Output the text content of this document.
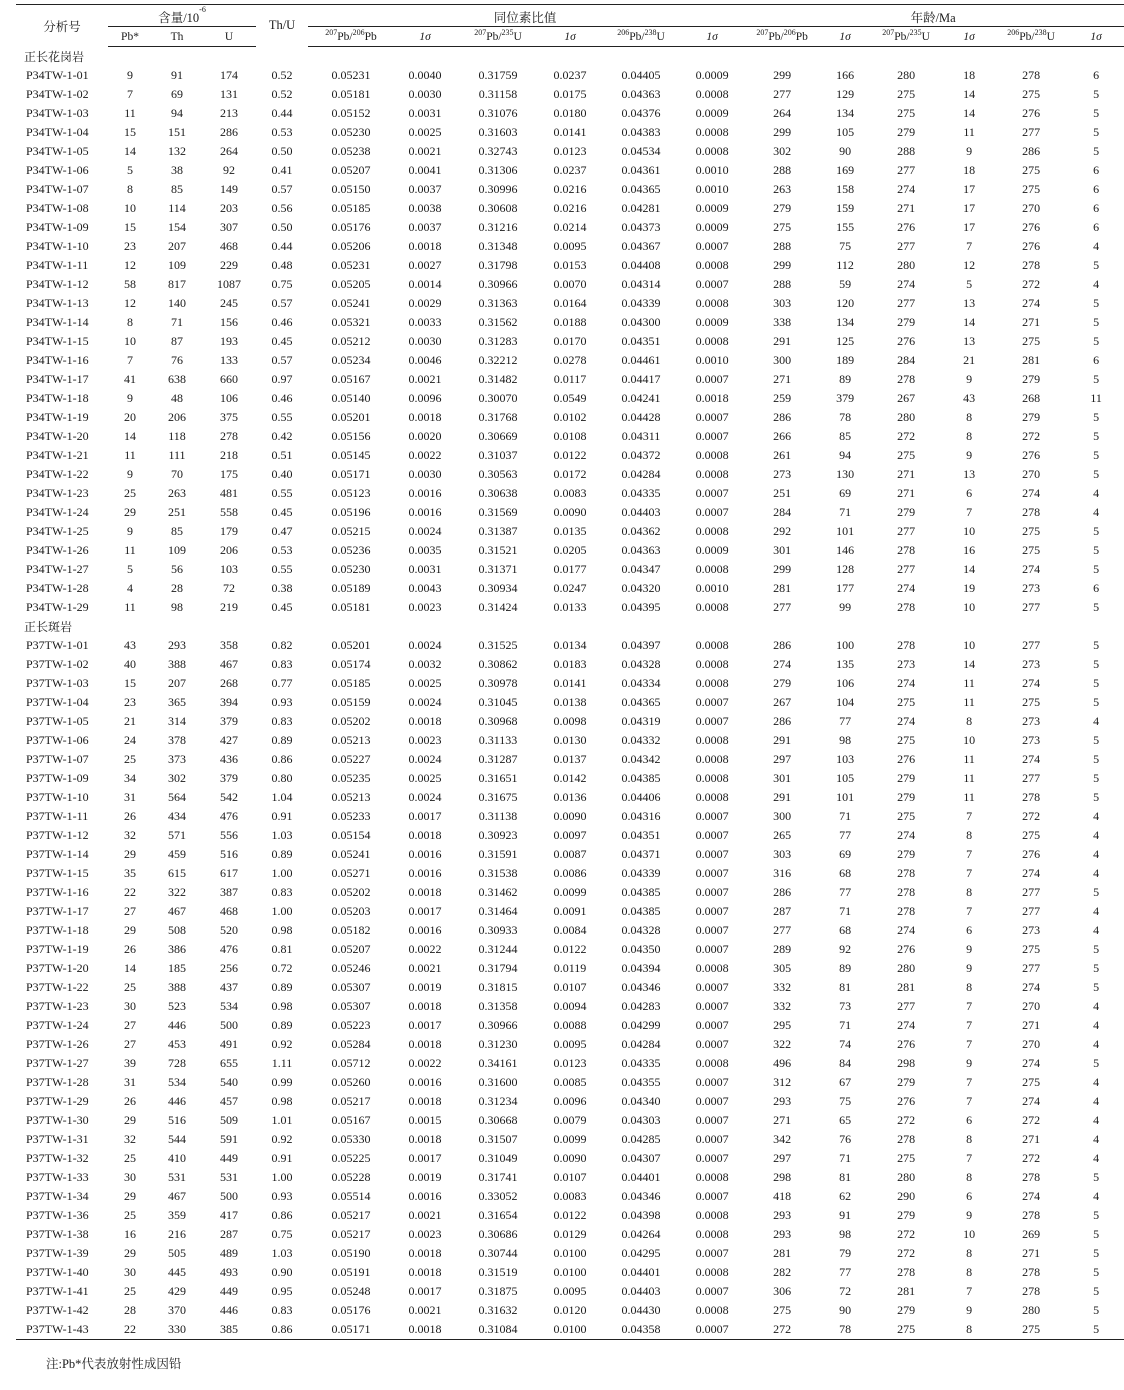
分析号	含量$/10^{-6}$			Th/U	同位素比值						年龄/Ma					
	Pb*	Th	U		$^{207}$Pb/$^{206}$Pb	1σ	$^{207}$Pb/$^{235}$U	1σ	$^{206}$Pb/$^{238}$U	1σ	$^{207}$Pb/$^{206}$Pb	1σ	$^{207}$Pb/$^{235}$U	1σ	$^{206}$Pb/$^{238}$U	1σ
正长花岗岩																
P34TW-1-01	9	91	174	0.52	0.05231	0.0040	0.31759	0.0237	0.04405	0.0009	299	166	280	18	278	6
P34TW-1-02	7	69	131	0.52	0.05181	0.0030	0.31158	0.0175	0.04363	0.0008	277	129	275	14	275	5
P34TW-1-03	11	94	213	0.44	0.05152	0.0031	0.31076	0.0180	0.04376	0.0009	264	134	275	14	276	5
P34TW-1-04	15	151	286	0.53	0.05230	0.0025	0.31603	0.0141	0.04383	0.0008	299	105	279	11	277	5
P34TW-1-05	14	132	264	0.50	0.05238	0.0021	0.32743	0.0123	0.04534	0.0008	302	90	288	9	286	5
P34TW-1-06	5	38	92	0.41	0.05207	0.0041	0.31306	0.0237	0.04361	0.0010	288	169	277	18	275	6
P34TW-1-07	8	85	149	0.57	0.05150	0.0037	0.30996	0.0216	0.04365	0.0010	263	158	274	17	275	6
P34TW-1-08	10	114	203	0.56	0.05185	0.0038	0.30608	0.0216	0.04281	0.0009	279	159	271	17	270	6
P34TW-1-09	15	154	307	0.50	0.05176	0.0037	0.31216	0.0214	0.04373	0.0009	275	155	276	17	276	6
P34TW-1-10	23	207	468	0.44	0.05206	0.0018	0.31348	0.0095	0.04367	0.0007	288	75	277	7	276	4
P34TW-1-11	12	109	229	0.48	0.05231	0.0027	0.31798	0.0153	0.04408	0.0008	299	112	280	12	278	5
P34TW-1-12	58	817	1087	0.75	0.05205	0.0014	0.30966	0.0070	0.04314	0.0007	288	59	274	5	272	4
P34TW-1-13	12	140	245	0.57	0.05241	0.0029	0.31363	0.0164	0.04339	0.0008	303	120	277	13	274	5
P34TW-1-14	8	71	156	0.46	0.05321	0.0033	0.31562	0.0188	0.04300	0.0009	338	134	279	14	271	5
P34TW-1-15	10	87	193	0.45	0.05212	0.0030	0.31283	0.0170	0.04351	0.0008	291	125	276	13	275	5
P34TW-1-16	7	76	133	0.57	0.05234	0.0046	0.32212	0.0278	0.04461	0.0010	300	189	284	21	281	6
P34TW-1-17	41	638	660	0.97	0.05167	0.0021	0.31482	0.0117	0.04417	0.0007	271	89	278	9	279	5
P34TW-1-18	9	48	106	0.46	0.05140	0.0096	0.30070	0.0549	0.04241	0.0018	259	379	267	43	268	11
P34TW-1-19	20	206	375	0.55	0.05201	0.0018	0.31768	0.0102	0.04428	0.0007	286	78	280	8	279	5
P34TW-1-20	14	118	278	0.42	0.05156	0.0020	0.30669	0.0108	0.04311	0.0007	266	85	272	8	272	5
P34TW-1-21	11	111	218	0.51	0.05145	0.0022	0.31037	0.0122	0.04372	0.0008	261	94	275	9	276	5
P34TW-1-22	9	70	175	0.40	0.05171	0.0030	0.30563	0.0172	0.04284	0.0008	273	130	271	13	270	5
P34TW-1-23	25	263	481	0.55	0.05123	0.0016	0.30638	0.0083	0.04335	0.0007	251	69	271	6	274	4
P34TW-1-24	29	251	558	0.45	0.05196	0.0016	0.31569	0.0090	0.04403	0.0007	284	71	279	7	278	4
P34TW-1-25	9	85	179	0.47	0.05215	0.0024	0.31387	0.0135	0.04362	0.0008	292	101	277	10	275	5
P34TW-1-26	11	109	206	0.53	0.05236	0.0035	0.31521	0.0205	0.04363	0.0009	301	146	278	16	275	5
P34TW-1-27	5	56	103	0.55	0.05230	0.0031	0.31371	0.0177	0.04347	0.0008	299	128	277	14	274	5
P34TW-1-28	4	28	72	0.38	0.05189	0.0043	0.30934	0.0247	0.04320	0.0010	281	177	274	19	273	6
P34TW-1-29	11	98	219	0.45	0.05181	0.0023	0.31424	0.0133	0.04395	0.0008	277	99	278	10	277	5
正长斑岩																
P37TW-1-01	43	293	358	0.82	0.05201	0.0024	0.31525	0.0134	0.04397	0.0008	286	100	278	10	277	5
P37TW-1-02	40	388	467	0.83	0.05174	0.0032	0.30862	0.0183	0.04328	0.0008	274	135	273	14	273	5
P37TW-1-03	15	207	268	0.77	0.05185	0.0025	0.30978	0.0141	0.04334	0.0008	279	106	274	11	274	5
P37TW-1-04	23	365	394	0.93	0.05159	0.0024	0.31045	0.0138	0.04365	0.0007	267	104	275	11	275	5
P37TW-1-05	21	314	379	0.83	0.05202	0.0018	0.30968	0.0098	0.04319	0.0007	286	77	274	8	273	4
P37TW-1-06	24	378	427	0.89	0.05213	0.0023	0.31133	0.0130	0.04332	0.0008	291	98	275	10	273	5
P37TW-1-07	25	373	436	0.86	0.05227	0.0024	0.31287	0.0137	0.04342	0.0008	297	103	276	11	274	5
P37TW-1-09	34	302	379	0.80	0.05235	0.0025	0.31651	0.0142	0.04385	0.0008	301	105	279	11	277	5
P37TW-1-10	31	564	542	1.04	0.05213	0.0024	0.31675	0.0136	0.04406	0.0008	291	101	279	11	278	5
P37TW-1-11	26	434	476	0.91	0.05233	0.0017	0.31138	0.0090	0.04316	0.0007	300	71	275	7	272	4
P37TW-1-12	32	571	556	1.03	0.05154	0.0018	0.30923	0.0097	0.04351	0.0007	265	77	274	8	275	4
P37TW-1-14	29	459	516	0.89	0.05241	0.0016	0.31591	0.0087	0.04371	0.0007	303	69	279	7	276	4
P37TW-1-15	35	615	617	1.00	0.05271	0.0016	0.31538	0.0086	0.04339	0.0007	316	68	278	7	274	4
P37TW-1-16	22	322	387	0.83	0.05202	0.0018	0.31462	0.0099	0.04385	0.0007	286	77	278	8	277	5
P37TW-1-17	27	467	468	1.00	0.05203	0.0017	0.31464	0.0091	0.04385	0.0007	287	71	278	7	277	4
P37TW-1-18	29	508	520	0.98	0.05182	0.0016	0.30933	0.0084	0.04328	0.0007	277	68	274	6	273	4
P37TW-1-19	26	386	476	0.81	0.05207	0.0022	0.31244	0.0122	0.04350	0.0007	289	92	276	9	275	5
P37TW-1-20	14	185	256	0.72	0.05246	0.0021	0.31794	0.0119	0.04394	0.0008	305	89	280	9	277	5
P37TW-1-22	25	388	437	0.89	0.05307	0.0019	0.31815	0.0107	0.04346	0.0007	332	81	281	8	274	5
P37TW-1-23	30	523	534	0.98	0.05307	0.0018	0.31358	0.0094	0.04283	0.0007	332	73	277	7	270	4
P37TW-1-24	27	446	500	0.89	0.05223	0.0017	0.30966	0.0088	0.04299	0.0007	295	71	274	7	271	4
P37TW-1-26	27	453	491	0.92	0.05284	0.0018	0.31230	0.0095	0.04284	0.0007	322	74	276	7	270	4
P37TW-1-27	39	728	655	1.11	0.05712	0.0022	0.34161	0.0123	0.04335	0.0008	496	84	298	9	274	5
P37TW-1-28	31	534	540	0.99	0.05260	0.0016	0.31600	0.0085	0.04355	0.0007	312	67	279	7	275	4
P37TW-1-29	26	446	457	0.98	0.05217	0.0018	0.31234	0.0096	0.04340	0.0007	293	75	276	7	274	4
P37TW-1-30	29	516	509	1.01	0.05167	0.0015	0.30668	0.0079	0.04303	0.0007	271	65	272	6	272	4
P37TW-1-31	32	544	591	0.92	0.05330	0.0018	0.31507	0.0099	0.04285	0.0007	342	76	278	8	271	4
P37TW-1-32	25	410	449	0.91	0.05225	0.0017	0.31049	0.0090	0.04307	0.0007	297	71	275	7	272	4
P37TW-1-33	30	531	531	1.00	0.05228	0.0019	0.31741	0.0107	0.04401	0.0008	298	81	280	8	278	5
P37TW-1-34	29	467	500	0.93	0.05514	0.0016	0.33052	0.0083	0.04346	0.0007	418	62	290	6	274	4
P37TW-1-36	25	359	417	0.86	0.05217	0.0021	0.31654	0.0122	0.04398	0.0008	293	91	279	9	278	5
P37TW-1-38	16	216	287	0.75	0.05217	0.0023	0.30686	0.0129	0.04264	0.0008	293	98	272	10	269	5
P37TW-1-39	29	505	489	1.03	0.05190	0.0018	0.30744	0.0100	0.04295	0.0007	281	79	272	8	271	5
P37TW-1-40	30	445	493	0.90	0.05191	0.0018	0.31519	0.0100	0.04401	0.0008	282	77	278	8	278	5
P37TW-1-41	25	429	449	0.95	0.05248	0.0017	0.31875	0.0095	0.04403	0.0007	306	72	281	7	278	5
P37TW-1-42	28	370	446	0.83	0.05176	0.0021	0.31632	0.0120	0.04430	0.0008	275	90	279	9	280	5
P37TW-1-43	22	330	385	0.86	0.05171	0.0018	0.31084	0.0100	0.04358	0.0007	272	78	275	8	275	5
注:Pb*代表放射性成因铅
